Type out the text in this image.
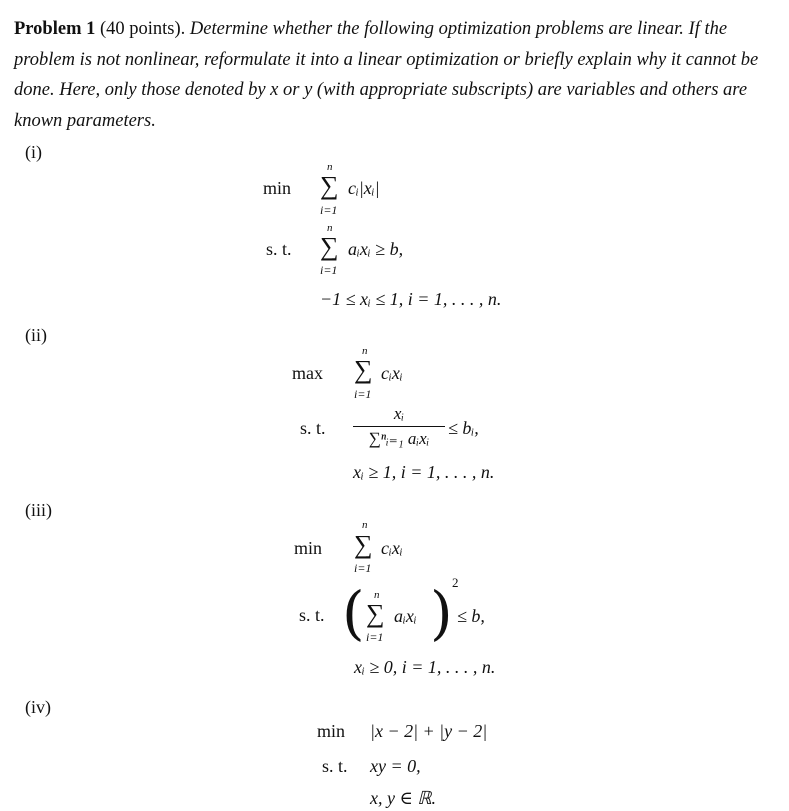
Problem 1 (40 points). Determine whether the following optimization problems are linear. If the problem is not nonlinear, reformulate it into a linear optimization or briefly explain why it cannot be done. Here, only those denoted by x or y (with appropriate subscripts) are variables and others are known parameters.
(i)
min
n
∑
i=1
cᵢ|xᵢ|
s. t.
n
∑
i=1
aᵢxᵢ ≥ b,
−1 ≤ xᵢ ≤ 1, i = 1, . . . , n.
(ii)
max
n
∑
i=1
cᵢxᵢ
s. t.
xᵢ
∑ⁿᵢ₌₁ aᵢxᵢ
≤ bᵢ,
xᵢ ≥ 1, i = 1, . . . , n.
(iii)
min
n
∑
i=1
cᵢxᵢ
s. t. ( n
∑
i=1
aᵢxᵢ ) 2
≤ b,
xᵢ ≥ 0, i = 1, . . . , n.
(iv)
min |x − 2| + |y − 2|
s. t. xy = 0,
x, y ∈ ℝ.
